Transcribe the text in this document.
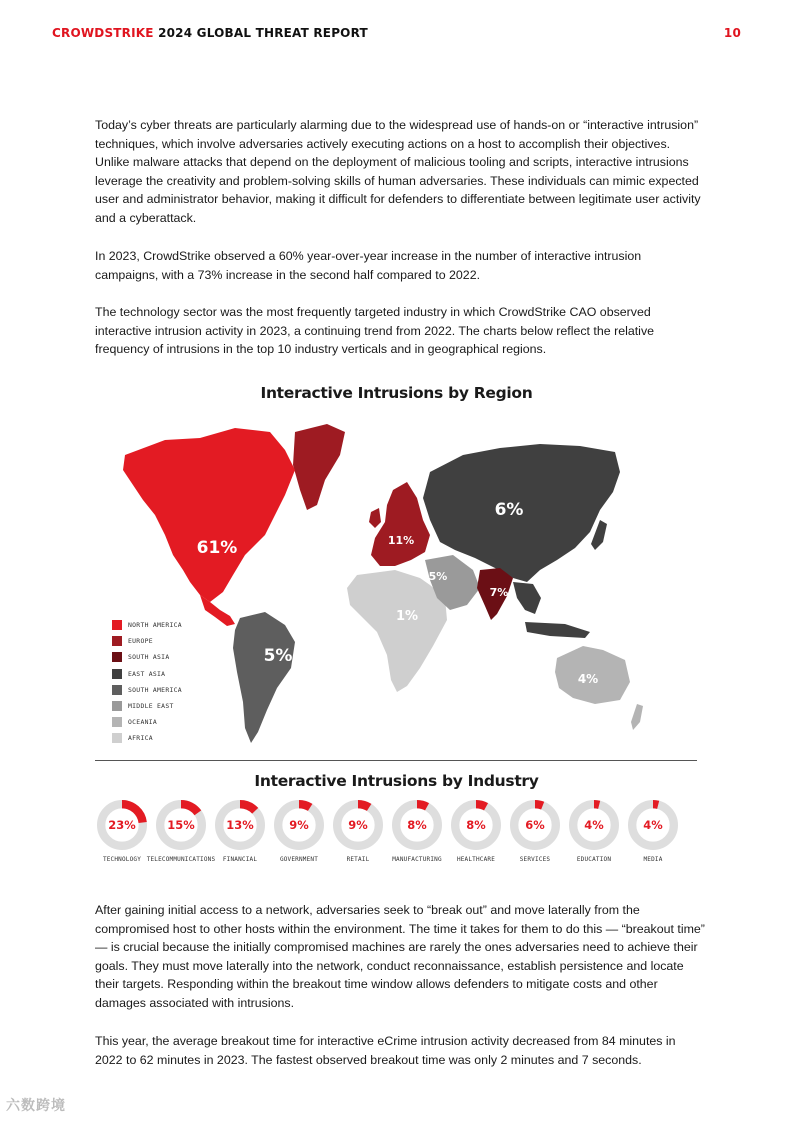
CROWDSTRIKE 2024 GLOBAL THREAT REPORT	10
Today’s cyber threats are particularly alarming due to the widespread use of hands-on or “interactive intrusion” techniques, which involve adversaries actively executing actions on a host to accomplish their objectives. Unlike malware attacks that depend on the deployment of malicious tooling and scripts, interactive intrusions leverage the creativity and problem-solving skills of human adversaries. These individuals can mimic expected user and administrator behavior, making it difficult for defenders to differentiate between legitimate user activity and a cyberattack.
In 2023, CrowdStrike observed a 60% year-over-year increase in the number of interactive intrusion campaigns, with a 73% increase in the second half compared to 2022.
The technology sector was the most frequently targeted industry in which CrowdStrike CAO observed interactive intrusion activity in 2023, a continuing trend from 2022. The charts below reflect the relative frequency of intrusions in the top 10 industry verticals and in geographical regions.
Interactive Intrusions by Region
61%	11%
7%
6%
5%
5%
4%
1%
NORTH AMERICA
EUROPE
SOUTH ASIA
EAST ASIA
SOUTH AMERICA
MIDDLE EAST
OCEANIA
AFRICA
Interactive Intrusions by Industry
23%
TECHNOLOGY
15%
TELECOMMUNICATIONS
13%
FINANCIAL
9%
GOVERNMENT
9%
RETAIL
8%
MANUFACTURING
8%
HEALTHCARE
6%
SERVICES
4%
EDUCATION
4%
MEDIA
After gaining initial access to a network, adversaries seek to “break out” and move laterally from the compromised host to other hosts within the environment. The time it takes for them to do this — “breakout time” — is crucial because the initially compromised machines are rarely the ones adversaries need to achieve their goals. They must move laterally into the network, conduct reconnaissance, establish persistence and locate their targets. Responding within the breakout time window allows defenders to mitigate costs and other damages associated with intrusions.
This year, the average breakout time for interactive eCrime intrusion activity decreased from 84 minutes in 2022 to 62 minutes in 2023. The fastest observed breakout time was only 2 minutes and 7 seconds.
六数跨境
